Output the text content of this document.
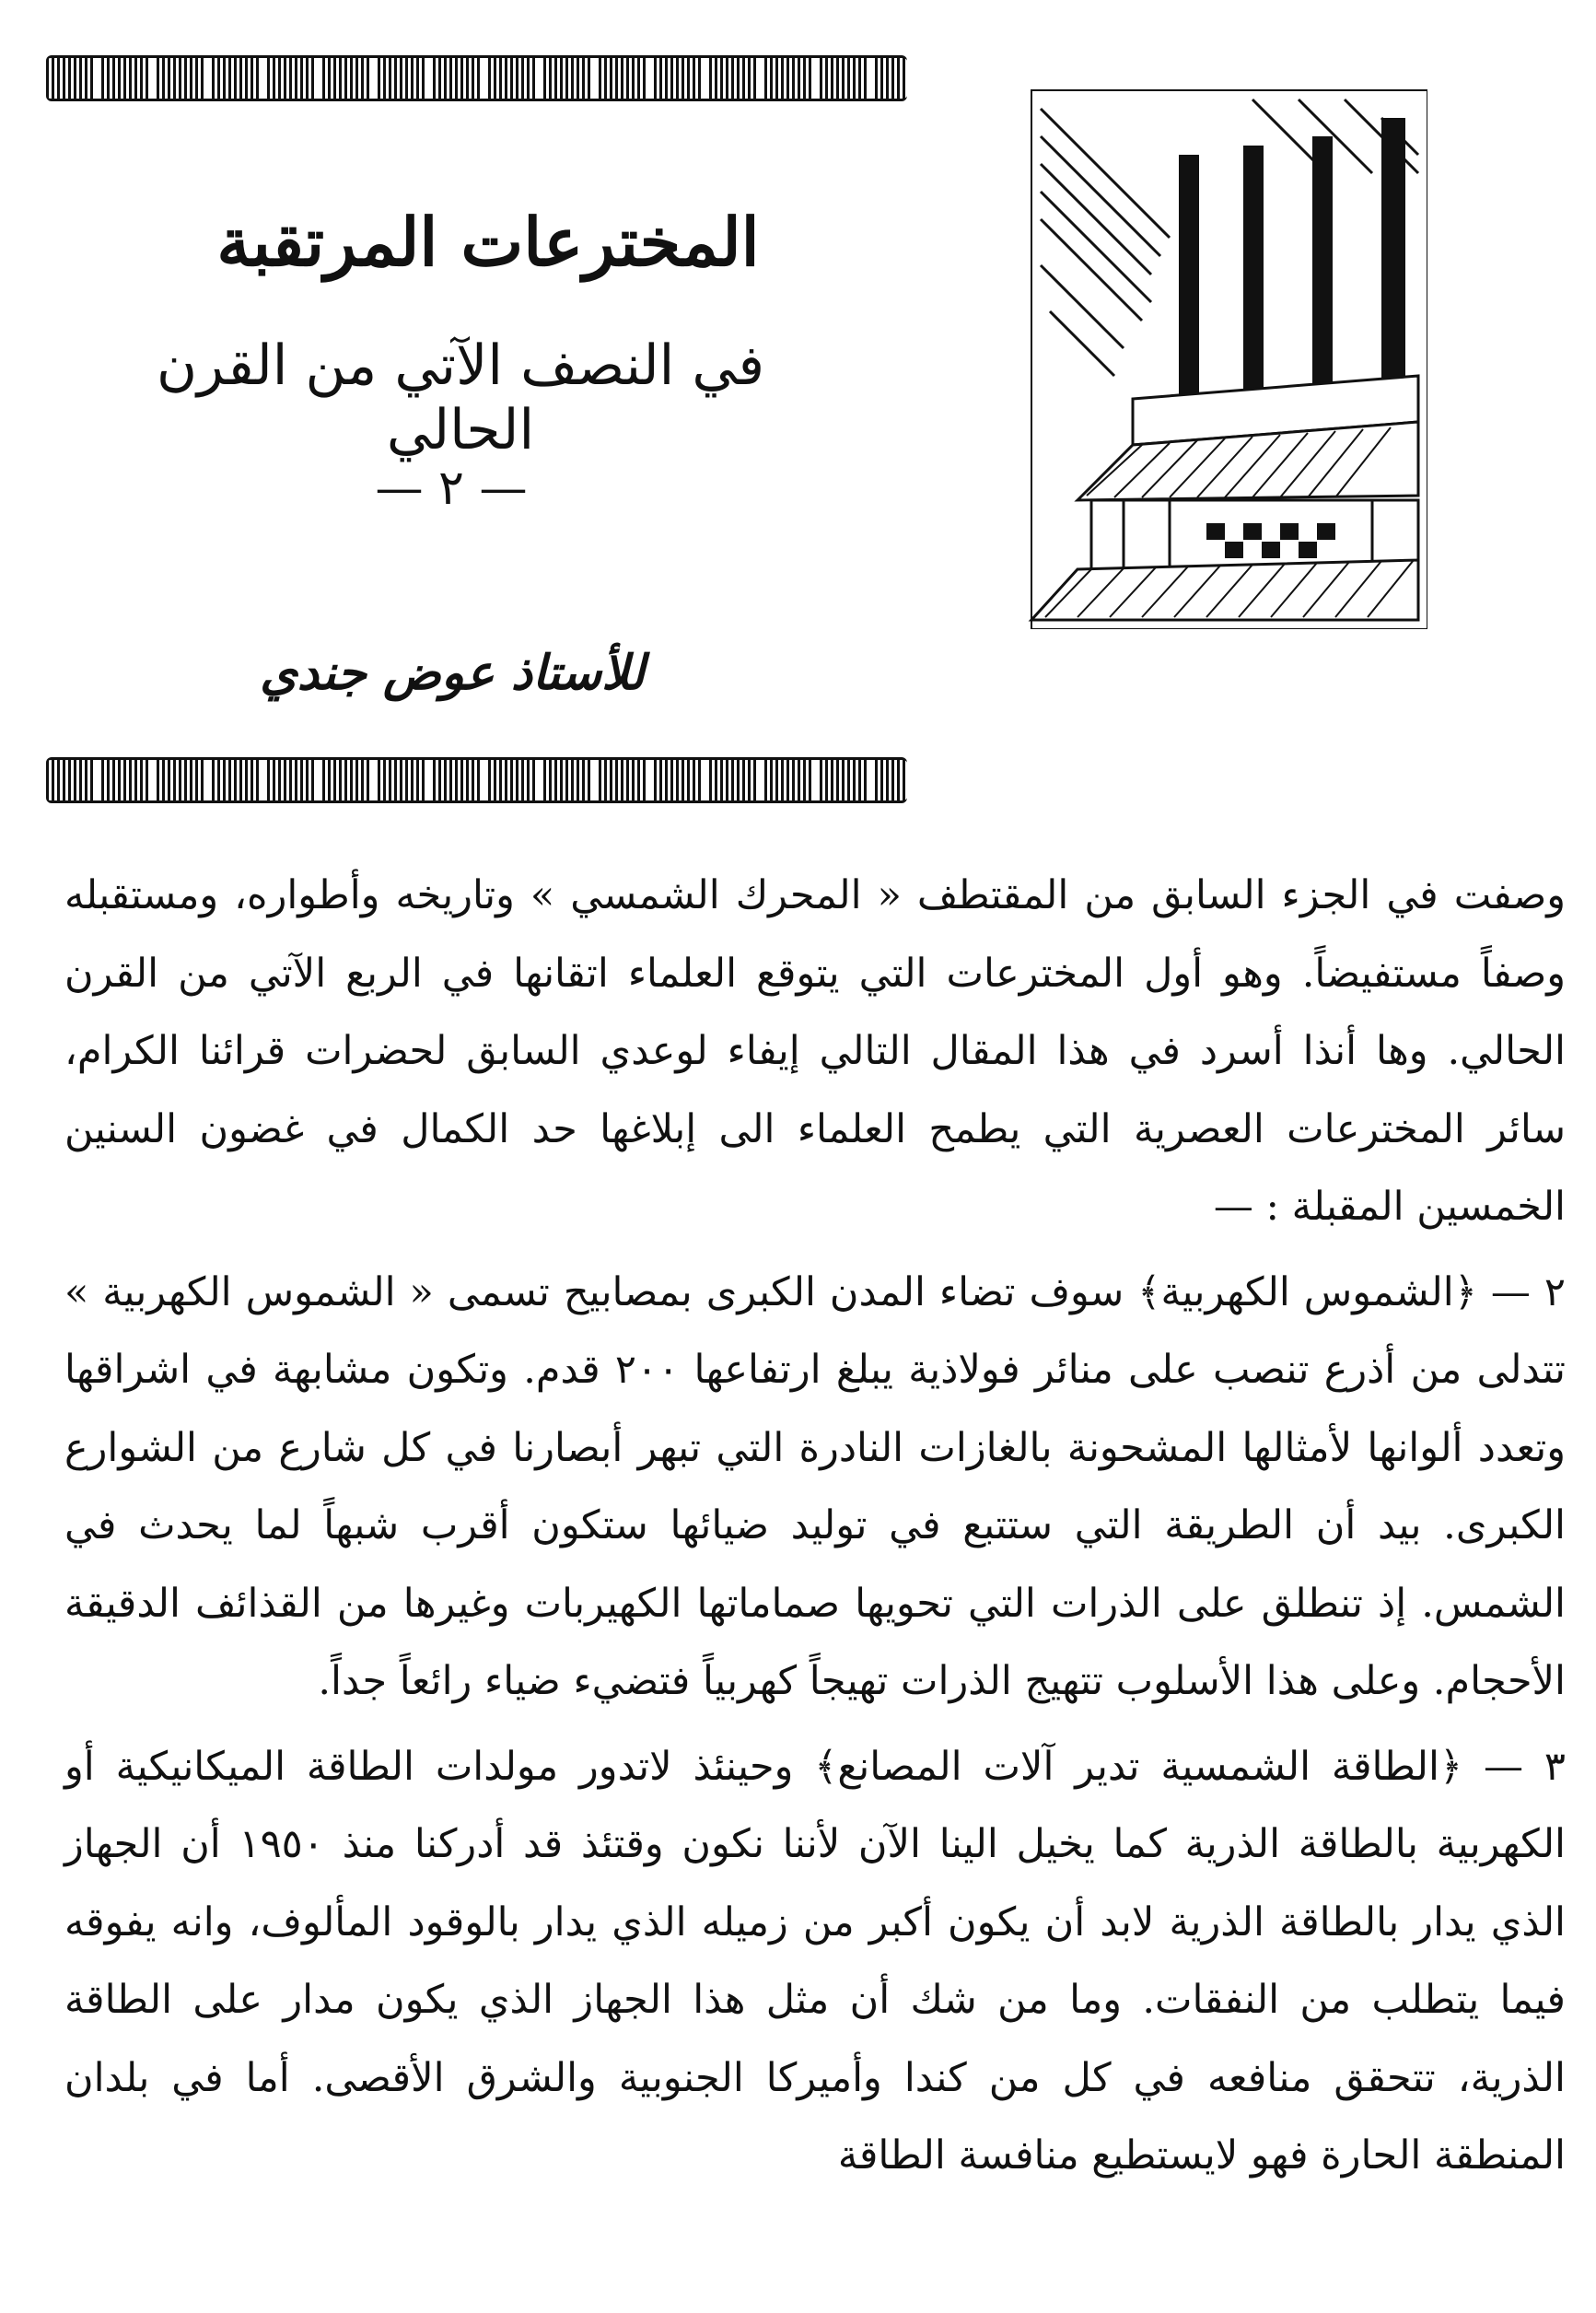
المخترعات المرتقبة
في النصف الآتي من القرن الحالي
— ٢ —
للأستاذ عوض جندي

وصفت في الجزء السابق من المقتطف « المحرك الشمسي » وتاريخه وأطواره، ومستقبله وصفاً مستفيضاً. وهو أول المخترعات التي يتوقع العلماء اتقانها في الربع الآتي من القرن الحالي. وها أنذا أسرد في هذا المقال التالي إيفاء لوعدي السابق لحضرات قرائنا الكرام، سائر المخترعات العصرية التي يطمح العلماء الى إبلاغها حد الكمال في غضون السنين الخمسين المقبلة : —

٢ — ﴿الشموس الكهربية﴾ سوف تضاء المدن الكبرى بمصابيح تسمى « الشموس الكهربية » تتدلى من أذرع تنصب على منائر فولاذية يبلغ ارتفاعها ٢٠٠ قدم. وتكون مشابهة في اشراقها وتعدد ألوانها لأمثالها المشحونة بالغازات النادرة التي تبهر أبصارنا في كل شارع من الشوارع الكبرى. بيد أن الطريقة التي ستتبع في توليد ضيائها ستكون أقرب شبهاً لما يحدث في الشمس. إذ تنطلق على الذرات التي تحويها صماماتها الكهيربات وغيرها من القذائف الدقيقة الأحجام. وعلى هذا الأسلوب تتهيج الذرات تهيجاً كهربياً فتضيء ضياء رائعاً جداً.

٣ — ﴿الطاقة الشمسية تدير آلات المصانع﴾ وحينئذ لاتدور مولدات الطاقة الميكانيكية أو الكهربية بالطاقة الذرية كما يخيل الينا الآن لأننا نكون وقتئذ قد أدركنا منذ ١٩٥٠ أن الجهاز الذي يدار بالطاقة الذرية لابد أن يكون أكبر من زميله الذي يدار بالوقود المألوف، وانه يفوقه فيما يتطلب من النفقات. وما من شك أن مثل هذا الجهاز الذي يكون مدار على الطاقة الذرية، تتحقق منافعه في كل من كندا وأميركا الجنوبية والشرق الأقصى. أما في بلدان المنطقة الحارة فهو لايستطيع منافسة الطاقة
